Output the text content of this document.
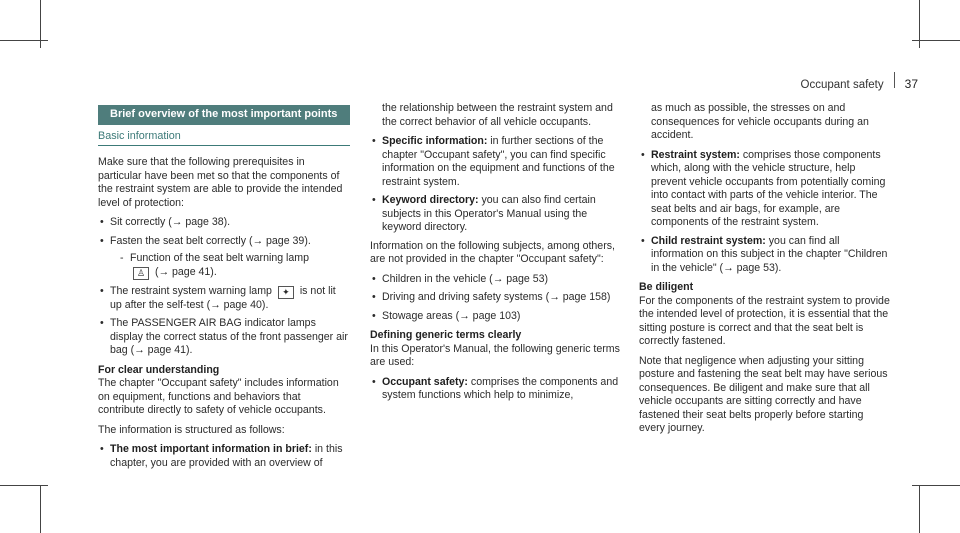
Occupant safety 37
Brief overview of the most important points
Basic information

Make sure that the following prerequisites in particular have been met so that the components of the restraint system are able to provide the intended level of protection:

• Sit correctly (→ page 38).
• Fasten the seat belt correctly (→ page 39).
- Function of the seat belt warning lamp
♙ (→ page 41).
• The restraint system warning lamp ✦ is not lit up after the self-test (→ page 40).
• The PASSENGER AIR BAG indicator lamps display the correct status of the front passenger air bag (→ page 41).
For clear understanding

The chapter "Occupant safety" includes information on equipment, functions and behaviors that contribute directly to safety of vehicle occupants.

The information is structured as follows:

• The most important information in brief: in this chapter, you are provided with an overview of

the relationship between the restraint system and the correct behavior of all vehicle occupants.

• Specific information: in further sections of the chapter "Occupant safety", you can find specific information on the equipment and functions of the restraint system.
• Keyword directory: you can also find certain subjects in this Operator's Manual using the keyword directory.

Information on the following subjects, among others, are not provided in the chapter "Occupant safety":

• Children in the vehicle (→ page 53)
• Driving and driving safety systems (→ page 158)
• Stowage areas (→ page 103)
Defining generic terms clearly

In this Operator's Manual, the following generic terms are used:

• Occupant safety: comprises the components and system functions which help to minimize,

as much as possible, the stresses on and consequences for vehicle occupants during an accident.

• Restraint system: comprises those components which, along with the vehicle structure, help prevent vehicle occupants from potentially coming into contact with parts of the vehicle interior. The seat belts and air bags, for example, are components of the restraint system.
• Child restraint system: you can find all information on this subject in the chapter "Children in the vehicle" (→ page 53).
Be diligent

For the components of the restraint system to provide the intended level of protection, it is essential that the sitting posture is correct and that the seat belt is correctly fastened.

Note that negligence when adjusting your sitting posture and fastening the seat belt may have serious consequences. Be diligent and make sure that all vehicle occupants are sitting correctly and have fastened their seat belts properly before starting every journey.
